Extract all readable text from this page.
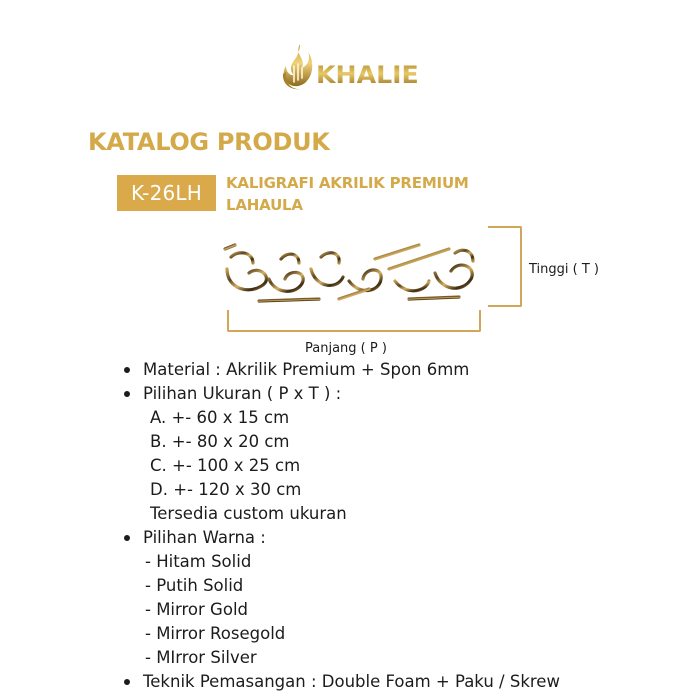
KHALIE
KATALOG PRODUK
K-26LH	KALIGRAFI AKRILIK PREMIUM
LAHAULA
Tinggi ( T )
Panjang ( P )
Material : Akrilik Premium + Spon 6mm
Pilihan Ukuran ( P x T ) :
A. +- 60 x 15 cm
B. +- 80 x 20 cm
C. +- 100 x 25 cm
D. +- 120 x 30 cm
Tersedia custom ukuran
Pilihan Warna :
- Hitam Solid
- Putih Solid
- Mirror Gold
- Mirror Rosegold
- MIrror Silver
Teknik Pemasangan : Double Foam + Paku / Skrew
